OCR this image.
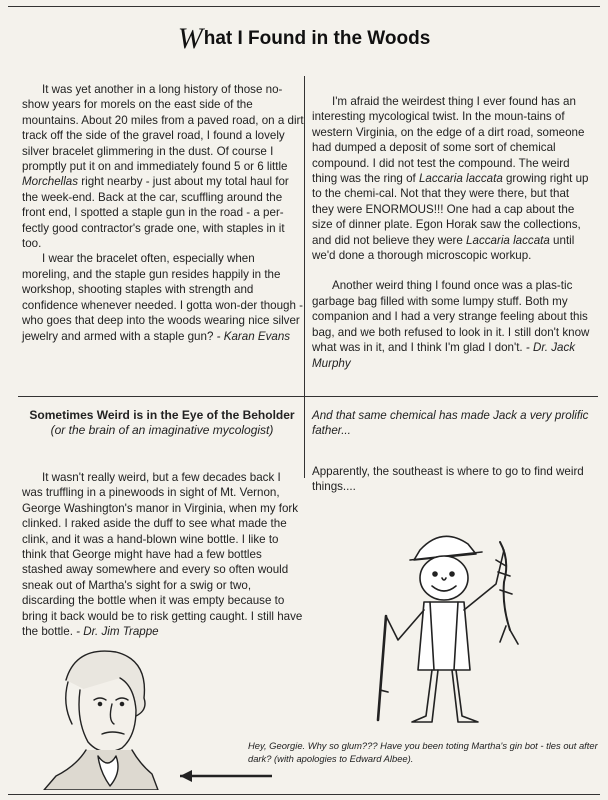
What I Found in the Woods

It was yet another in a long history of those no-show years for morels on the east side of the mountains. About 20 miles from a paved road, on a dirt track off the side of the gravel road, I found a lovely silver bracelet glimmering in the dust. Of course I promptly put it on and immediately found 5 or 6 little Morchellas right nearby - just about my total haul for the week-end. Back at the car, scuffling around the front end, I spotted a staple gun in the road - a per-fectly good contractor's grade one, with staples in it too.

I wear the bracelet often, especially when moreling, and the staple gun resides happily in the workshop, shooting staples with strength and confidence whenever needed. I gotta won-der though - who goes that deep into the woods wearing nice silver jewelry and armed with a staple gun? - Karan Evans

I'm afraid the weirdest thing I ever found has an interesting mycological twist. In the moun-tains of western Virginia, on the edge of a dirt road, someone had dumped a deposit of some sort of chemical compound. I did not test the compound. The weird thing was the ring of Laccaria laccata growing right up to the chemi-cal. Not that they were there, but that they were ENORMOUS!!! One had a cap about the size of dinner plate. Egon Horak saw the collections, and did not believe they were Laccaria laccata until we'd done a thorough microscopic workup.

Another weird thing I found once was a plas-tic garbage bag filled with some lumpy stuff. Both my companion and I had a very strange feeling about this bag, and we both refused to look in it. I still don't know what was in it, and I think I'm glad I don't. - Dr. Jack Murphy

Sometimes Weird is in the Eye of the Beholder
(or the brain of an imaginative mycologist)

It wasn't really weird, but a few decades back I was truffling in a pinewoods in sight of Mt. Vernon, George Washington's manor in Virginia, when my fork clinked. I raked aside the duff to see what made the clink, and it was a hand-blown wine bottle. I like to think that George might have had a few bottles stashed away somewhere and every so often would sneak out of Martha's sight for a swig or two, discarding the bottle when it was empty because to bring it back would be to risk getting caught. I still have the bottle. - Dr. Jim Trappe

And that same chemical has made Jack a very prolific father...
Apparently, the southeast is where to go to find weird things....
Hey, Georgie. Why so glum??? Have you been toting Martha's gin bot - tles out after dark? (with apologies to Edward Albee).
